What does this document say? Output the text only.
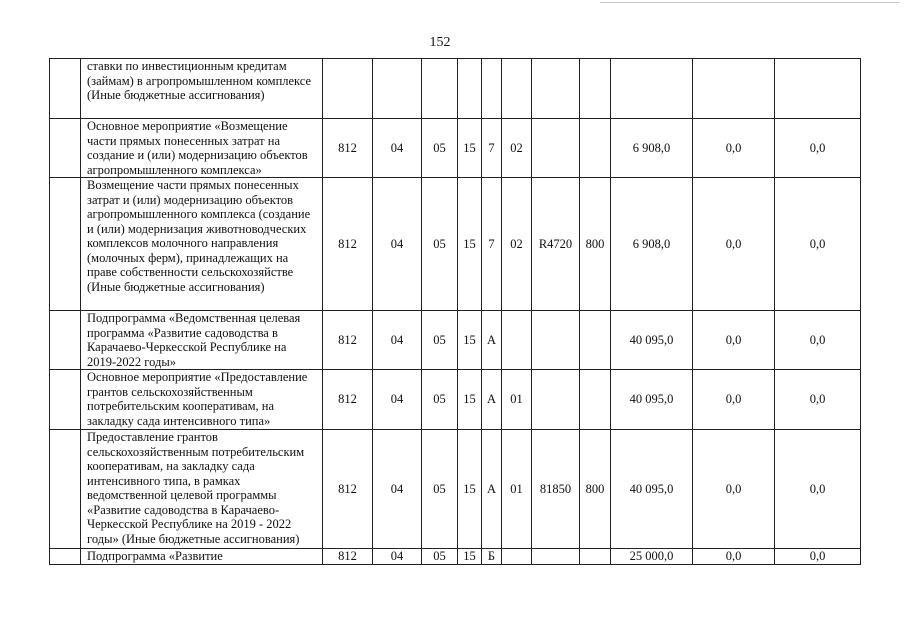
152
	ставки по инвестиционным кредитам (займам) в агропромышленном комплексе (Иные бюджетные ассигнования)											
	Основное мероприятие «Возмещение части прямых понесенных затрат на создание и (или) модернизацию объектов агропромышленного комплекса»	812	04	05	15	7	02			6 908,0	0,0	0,0
	Возмещение части прямых понесенных затрат и (или) модернизацию объектов агропромышленного комплекса (создание и (или) модернизация животноводческих комплексов молочного направления (молочных ферм), принадлежащих на праве собственности сельскохозяйстве (Иные бюджетные ассигнования)	812	04	05	15	7	02	R4720	800	6 908,0	0,0	0,0
	Подпрограмма «Ведомственная целевая программа «Развитие садоводства в Карачаево-Черкесской Республике на 2019-2022 годы»	812	04	05	15	А				40 095,0	0,0	0,0
	Основное мероприятие «Предоставление грантов сельскохозяйственным потребительским кооперативам, на закладку сада интенсивного типа»	812	04	05	15	А	01			40 095,0	0,0	0,0
	Предоставление грантов сельскохозяйственным потребительским кооперативам, на закладку сада интенсивного типа, в рамках ведомственной целевой программы «Развитие садоводства в Карачаево-Черкесской Республике на 2019 - 2022 годы» (Иные бюджетные ассигнования)	812	04	05	15	А	01	81850	800	40 095,0	0,0	0,0
	Подпрограмма «Развитие	812	04	05	15	Б				25 000,0	0,0	0,0
